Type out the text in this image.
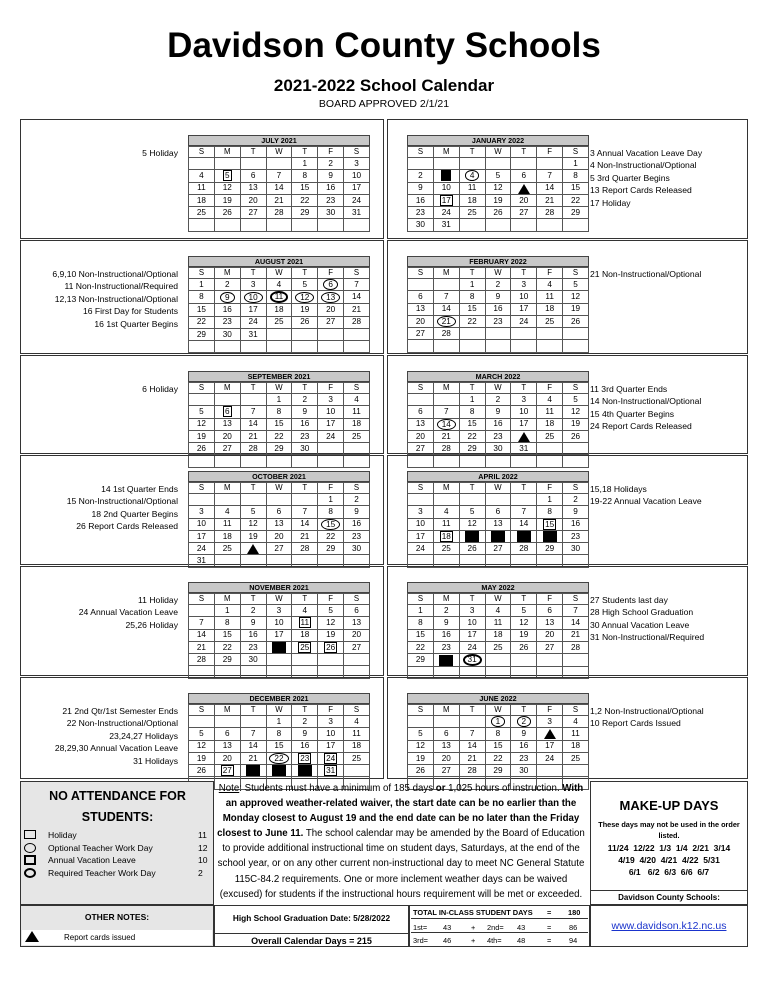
Davidson County Schools
2021-2022 School Calendar
BOARD APPROVED 2/1/21
5 Holiday	3 Annual Vacation Leave Day
4 Non-Instructional/Optional
5 3rd Quarter Begins
13 Report Cards Released
17 Holiday
JULY 2021
S	M	T	W	T	F	S
				1	2	3
4	5	6	7	8	9	10
11	12	13	14	15	16	17
18	19	20	21	22	23	24
25	26	27	28	29	30	31

JANUARY 2022
S	M	T	W	T	F	S
						1
2	3	4	5	6	7	8
9	10	11	12		14	15
16	17	18	19	20	21	22
23	24	25	26	27	28	29
30	31					
6,9,10 Non-Instructional/Optional
11 Non-Instructional/Required
12,13 Non-Instructional/Optional
16 First Day for Students
16 1st Quarter Begins
21 Non-Instructional/Optional
AUGUST 2021
S	M	T	W	T	F	S
1	2	3	4	5	6	7
8	9	10	11	12	13	14
15	16	17	18	19	20	21
22	23	24	25	26	27	28
29	30	31				

FEBRUARY 2022
S	M	T	W	T	F	S
		1	2	3	4	5
6	7	8	9	10	11	12
13	14	15	16	17	18	19
20	21	22	23	24	25	26
27	28					

6 Holiday	11 3rd Quarter Ends
14 Non-Instructional/Optional
15 4th Quarter Begins
24 Report Cards Released
SEPTEMBER 2021
S	M	T	W	T	F	S
			1	2	3	4
5	6	7	8	9	10	11
12	13	14	15	16	17	18
19	20	21	22	23	24	25
26	27	28	29	30		

MARCH 2022
S	M	T	W	T	F	S
		1	2	3	4	5
6	7	8	9	10	11	12
13	14	15	16	17	18	19
20	21	22	23		25	26
27	28	29	30	31		

14 1st Quarter Ends
15 Non-Instructional/Optional
18 2nd Quarter Begins
26 Report Cards Released
15,18 Holidays
19-22 Annual Vacation Leave
OCTOBER 2021
S	M	T	W	T	F	S
					1	2
3	4	5	6	7	8	9
10	11	12	13	14	15	16
17	18	19	20	21	22	23
24	25		27	28	29	30
31						
APRIL 2022
S	M	T	W	T	F	S
					1	2
3	4	5	6	7	8	9
10	11	12	13	14	15	16
17	18	19	20	21	22	23
24	25	26	27	28	29	30

11 Holiday
24 Annual Vacation Leave
25,26 Holiday
27 Students last day
28 High School Graduation
30 Annual Vacation Leave
31 Non-Instructional/Required
NOVEMBER 2021
S	M	T	W	T	F	S
	1	2	3	4	5	6
7	8	9	10	11	12	13
14	15	16	17	18	19	20
21	22	23	24	25	26	27
28	29	30				

MAY 2022
S	M	T	W	T	F	S
1	2	3	4	5	6	7
8	9	10	11	12	13	14
15	16	17	18	19	20	21
22	23	24	25	26	27	28
29	30	31				

21 2nd Qtr/1st Semester Ends
22 Non-Instructional/Optional
23,24,27 Holidays
28,29,30 Annual Vacation Leave
31 Holidays
1,2 Non-Instructional/Optional
10 Report Cards Issued
DECEMBER 2021
S	M	T	W	T	F	S
			1	2	3	4
5	6	7	8	9	10	11
12	13	14	15	16	17	18
19	20	21	22	23	24	25
26	27	28	29	30	31	

JUNE 2022
S	M	T	W	T	F	S
			1	2	3	4
5	6	7	8	9		11
12	13	14	15	16	17	18
19	20	21	22	23	24	25
26	27	28	29	30		

NO ATTENDANCE FOR STUDENTS:
Holiday	11
Optional Teacher Work Day	12
Annual Vacation Leave	10
Required Teacher Work Day	2
Note: Students must have a minimum of 185 days or 1,025 hours of instruction. With an approved weather-related waiver, the start date can be no earlier than the Monday closest to August 19 and the end date can be no later than the Friday closest to June 11. The school calendar may be amended by the Board of Education to provide additional instructional time on student days, Saturdays, at the end of the school year, or on any other current non-instructional day to meet NC General Statute 115C-84.2 requirements. One or more inclement weather days can be waived (excused) for students if the instructional hours requirement will be met or exceeded.
MAKE-UP DAYS
These days may not be used in the order listed.
11/24  12/22  1/3  1/4  2/21  3/14
4/19  4/20  4/21  4/22  5/31
6/1   6/2  6/3  6/6  6/7
Davidson County Schools:
OTHER NOTES:
Report cards issued
High School Graduation Date: 5/28/2022
Overall Calendar Days = 215
TOTAL IN-CLASS STUDENT DAYS = 180
1st= 43	+ 2nd= 43	= 86
3rd= 46	+ 4th= 48	= 94
www.davidson.k12.nc.us
